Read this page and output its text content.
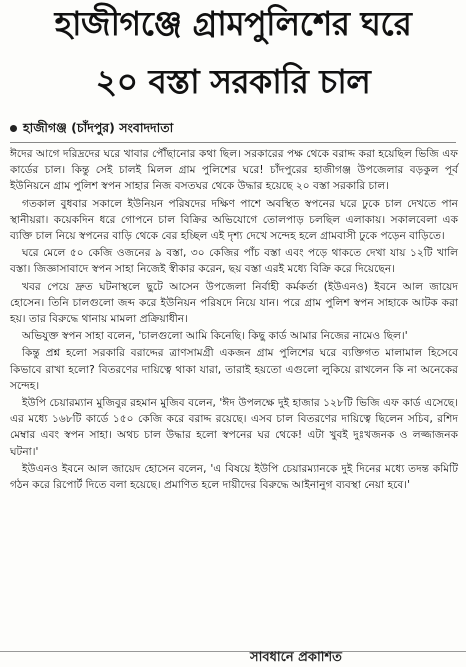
হাজীগঞ্জে গ্রামপুলিশের ঘরে
২০ বস্তা সরকারি চাল
হাজীগঞ্জ (চাঁদপুর) সংবাদদাতা

ঈদের আগে দরিদ্রদের ঘরে খাবার পৌঁছানোর কথা ছিল। সরকারের পক্ষ থেকে বরাদ্দ করা হয়েছিল ভিজি এফ কার্ডের চাল। কিন্তু সেই চালই মিলল গ্রাম পুলিশের ঘরে! চাঁদপুরের হাজীগঞ্জ উপজেলার বড়কুল পূর্ব ইউনিয়নে গ্রাম পুলিশ স্বপন সাহার নিজ বসতঘর থেকে উদ্ধার হয়েছে ২০ বস্তা সরকারি চাল।

গতকাল বুধবার সকালে ইউনিয়ন পরিষদের দক্ষিণ পাশে অবস্থিত স্বপনের ঘরে ঢুকে চাল দেখতে পান স্থানীয়রা। কয়েকদিন ধরে গোপনে চাল বিক্রির অভিযোগে তোলপাড় চলছিল এলাকায়। সকালবেলা এক ব্যক্তি চাল নিয়ে স্বপনের বাড়ি থেকে বের হচ্ছিল এই দৃশ্য দেখে সন্দেহ হলে গ্রামবাসী ঢুকে পড়েন বাড়িতে।

ঘরে মেলে ৫০ কেজি ওজনের ৯ বস্তা, ৩০ কেজির পাঁচ বস্তা এবং পড়ে থাকতে দেখা যায় ১২টি খালি বস্তা। জিজ্ঞাসাবাদে স্বপন সাহা নিজেই স্বীকার করেন, ছয় বস্তা এরই মধ্যে বিক্রি করে দিয়েছেন।

খবর পেয়ে দ্রুত ঘটনাস্থলে ছুটে আসেন উপজেলা নির্বাহী কর্মকর্তা (ইউএনও) ইবনে আল জায়েদ হোসেন। তিনি চালগুলো জব্দ করে ইউনিয়ন পরিষদে নিয়ে যান। পরে গ্রাম পুলিশ স্বপন সাহাকে আটক করা হয়। তার বিরুদ্ধে থানায় মামলা প্রক্রিয়াধীন।

অভিযুক্ত স্বপন সাহা বলেন, 'চালগুলো আমি কিনেছি। কিছু কার্ড আমার নিজের নামেও ছিল।'

কিন্তু প্রশ্ন হলো সরকারি বরাদ্দের ত্রাণসামগ্রী একজন গ্রাম পুলিশের ঘরে ব্যক্তিগত মালামাল হিসেবে কিভাবে রাখা হলো? বিতরণের দায়িত্বে থাকা যারা, তারাই হয়তো এগুলো লুকিয়ে রাখলেন কি না অনেকের সন্দেহ।

ইউপি চেয়ারম্যান মুজিবুর রহমান মুজিব বলেন, 'ঈদ উপলক্ষে দুই হাজার ১২৮টি ভিজি এফ কার্ড এসেছে। এর মধ্যে ১৬৮টি কার্ডে ১৫০ কেজি করে বরাদ্দ রয়েছে। এসব চাল বিতরণের দায়িত্বে ছিলেন সচিব, রশিদ মেম্বার এবং স্বপন সাহা। অথচ চাল উদ্ধার হলো স্বপনের ঘর থেকে! এটা খুবই দুঃখজনক ও লজ্জাজনক ঘটনা।'

ইউএনও ইবনে আল জায়েদ হোসেন বলেন, 'এ বিষয়ে ইউপি চেয়ারম্যানকে দুই দিনের মধ্যে তদন্ত কমিটি গঠন করে রিপোর্ট দিতে বলা হয়েছে। প্রমাণিত হলে দায়ীদের বিরুদ্ধে আইনানুগ ব্যবস্থা নেয়া হবে।'

সাবধানে প্রকাশিত
